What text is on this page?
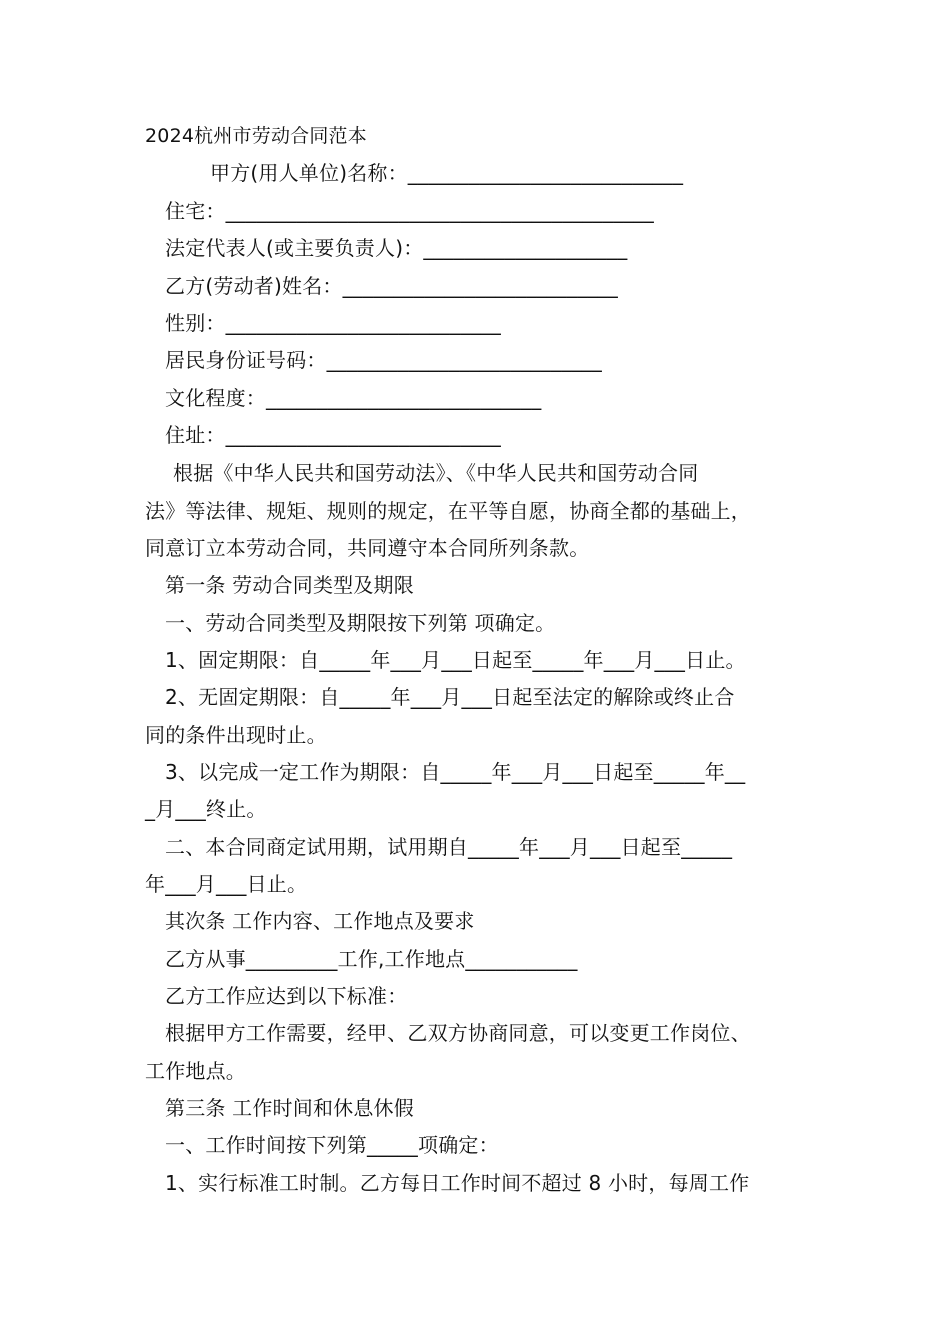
2024杭州市劳动合同范本
甲方(用人单位)名称：___________________________
住宅：__________________________________________
法定代表人(或主要负责人)：____________________
乙方(劳动者)姓名：___________________________
性别：___________________________
居民身份证号码：___________________________
文化程度：___________________________
住址：___________________________
根据《中华人民共和国劳动法》、《中华人民共和国劳动合同
法》等法律、规矩、规则的规定，在平等自愿，协商全都的基础上，
同意订立本劳动合同，共同遵守本合同所列条款。
第一条 劳动合同类型及期限
一、劳动合同类型及期限按下列第 项确定。
1、固定期限：自_____年___月___日起至_____年___月___日止。
2、无固定期限：自_____年___月___日起至法定的解除或终止合
同的条件出现时止。
3、以完成一定工作为期限：自_____年___月___日起至_____年__
_月___终止。
二、本合同商定试用期，试用期自_____年___月___日起至_____
年___月___日止。
其次条 工作内容、工作地点及要求
乙方从事_________工作,工作地点___________
乙方工作应达到以下标准：
根据甲方工作需要，经甲、乙双方协商同意，可以变更工作岗位、
工作地点。
第三条 工作时间和休息休假
一、工作时间按下列第_____项确定：
1、实行标准工时制。乙方每日工作时间不超过 8 小时，每周工作
